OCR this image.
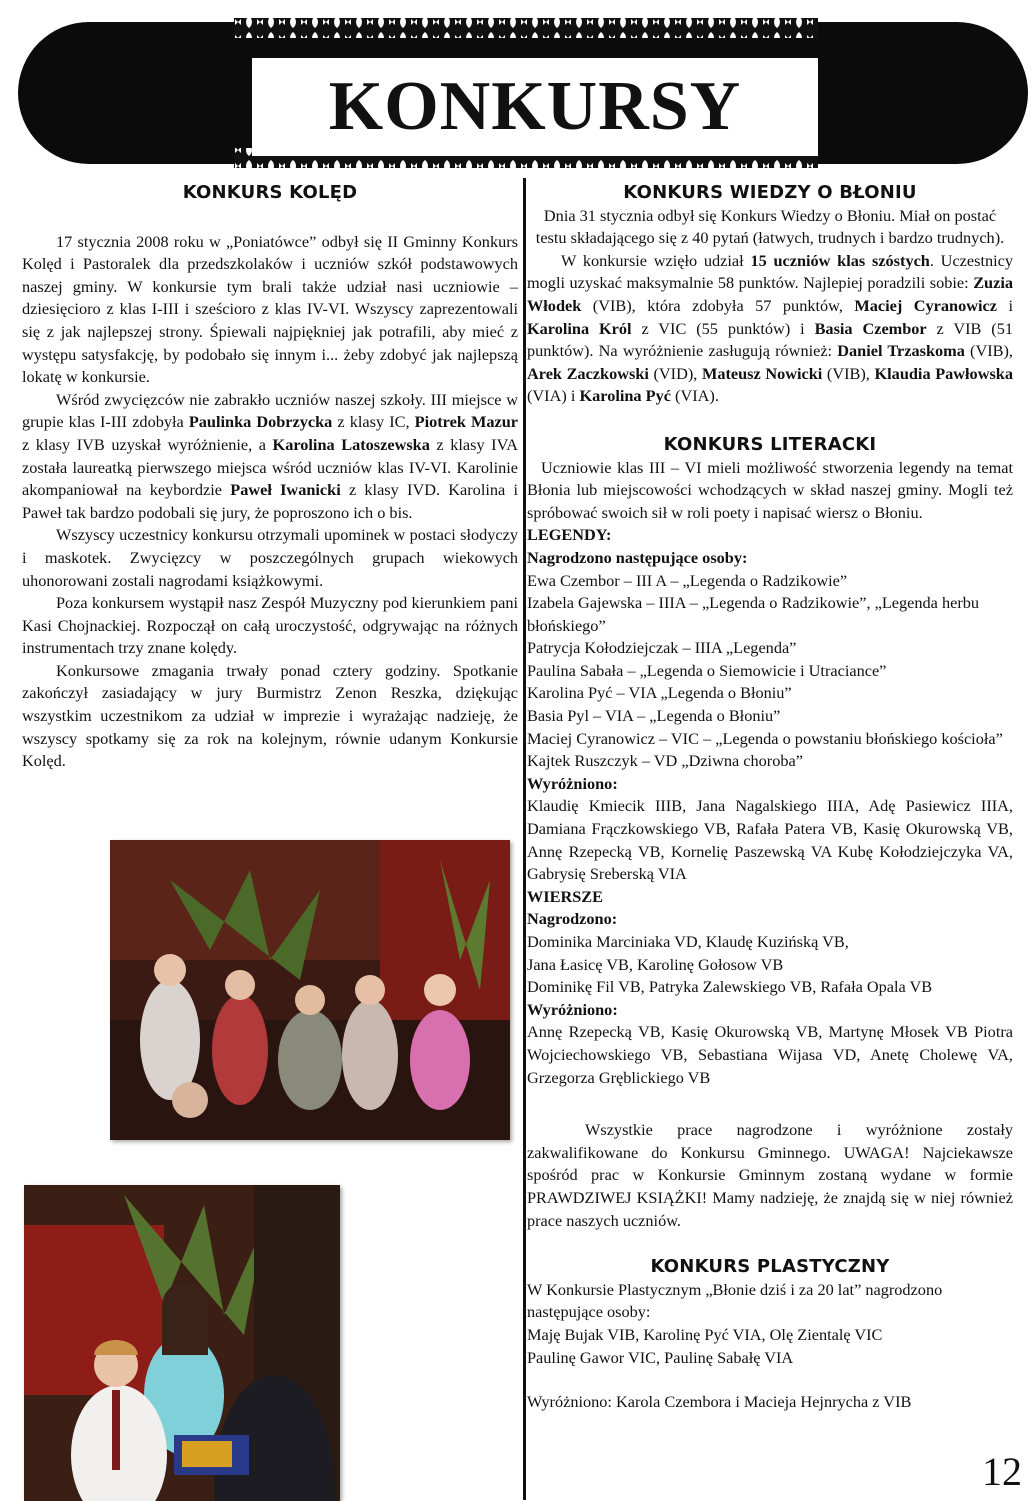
KONKURSY
KONKURS KOLĘD

17 stycznia 2008 roku w „Poniatówce” odbył się II Gminny Konkurs Kolęd i Pastoralek dla przedszkolaków i uczniów szkół podstawowych naszej gminy. W konkursie tym brali także udział nasi uczniowie – dziesięcioro z klas I-III i sześcioro z klas IV-VI. Wszyscy zaprezentowali się z jak najlepszej strony. Śpiewali najpiękniej jak potrafili, aby mieć z występu satysfakcję, by podobało się innym i... żeby zdobyć jak najlepszą lokatę w konkursie.

Wśród zwycięzców nie zabrakło uczniów naszej szkoły. III miejsce w grupie klas I-III zdobyła Paulinka Dobrzycka z klasy IC, Piotrek Mazur z klasy IVB uzyskał wyróżnienie, a Karolina Latoszewska z klasy IVA została laureatką pierwszego miejsca wśród uczniów klas IV-VI. Karolinie akompaniował na keybordzie Paweł Iwanicki z klasy IVD. Karolina i Paweł tak bardzo podobali się jury, że poproszono ich o bis.

Wszyscy uczestnicy konkursu otrzymali upominek w postaci słodyczy i maskotek. Zwycięzcy w poszczególnych grupach wiekowych uhonorowani zostali nagrodami książkowymi.

Poza konkursem wystąpił nasz Zespół Muzyczny pod kierunkiem pani Kasi Chojnackiej. Rozpoczął on całą uroczystość, odgrywając na różnych instrumentach trzy znane kolędy.

Konkursowe zmagania trwały ponad cztery godziny. Spotkanie zakończył zasiadający w jury Burmistrz Zenon Reszka, dziękując wszystkim uczestnikom za udział w imprezie i wyrażając nadzieję, że wszyscy spotkamy się za rok na kolejnym, równie udanym Konkursie Kolęd.

KONKURS WIEDZY O BŁONIU

Dnia 31 stycznia odbył się Konkurs Wiedzy o Błoniu. Miał on postać testu składającego się z 40 pytań (łatwych, trudnych i bardzo trudnych).

W konkursie wzięło udział 15 uczniów klas szóstych. Uczestnicy mogli uzyskać maksymalnie 58 punktów. Najlepiej poradzili sobie: Zuzia Włodek (VIB), która zdobyła 57 punktów, Maciej Cyranowicz i Karolina Król z VIC (55 punktów) i Basia Czembor z VIB (51 punktów). Na wyróżnienie zasługują również: Daniel Trzaskoma (VIB), Arek Zaczkowski (VID), Mateusz Nowicki (VIB), Klaudia Pawłowska (VIA) i Karolina Pyć (VIA).

KONKURS LITERACKI

Uczniowie klas III – VI mieli możliwość stworzenia legendy na temat Błonia lub miejscowości wchodzących w skład naszej gminy. Mogli też spróbować swoich sił w roli poety i napisać wiersz o Błoniu.

LEGENDY:

Nagrodzono następujące osoby:

Ewa Czembor – III A – „Legenda o Radzikowie”

Izabela Gajewska – IIIA – „Legenda o Radzikowie”, „Legenda herbu błońskiego”

Patrycja Kołodziejczak – IIIA „Legenda”

Paulina Sabała – „Legenda o Siemowicie i Utraciance”

Karolina Pyć – VIA „Legenda o Błoniu”

Basia Pyl – VIA – „Legenda o Błoniu”

Maciej Cyranowicz – VIC – „Legenda o powstaniu błońskiego kościoła”

Kajtek Ruszczyk – VD „Dziwna choroba”

Wyróżniono:

Klaudię Kmiecik IIIB, Jana Nagalskiego IIIA, Adę Pasiewicz IIIA, Damiana Frączkowskiego VB, Rafała Patera VB, Kasię Okurowską VB, Annę Rzepecką VB, Kornelię Paszewską VA Kubę Kołodziejczyka VA, Gabrysię Sreberską VIA

WIERSZE

Nagrodzono:

Dominika Marciniaka VD, Klaudę Kuzińską VB,

Jana Łasicę VB, Karolinę Gołosow VB

Dominikę Fil VB, Patryka Zalewskiego VB, Rafała Opala VB

Wyróżniono:

Annę Rzepecką VB, Kasię Okurowską VB, Martynę Młosek VB Piotra Wojciechowskiego VB, Sebastiana Wijasa VD, Anetę Cholewę VA, Grzegorza Gręblickiego VB

Wszystkie prace nagrodzone i wyróżnione zostały zakwalifikowane do Konkursu Gminnego. UWAGA! Najciekawsze spośród prac w Konkursie Gminnym zostaną wydane w formie PRAWDZIWEJ KSIĄŻKI! Mamy nadzieję, że znajdą się w niej również prace naszych uczniów.

KONKURS PLASTYCZNY

W Konkursie Plastycznym „Błonie dziś i za 20 lat” nagrodzono następujące osoby:

Maję Bujak VIB, Karolinę Pyć VIA, Olę Zientalę VIC

Paulinę Gawor VIC, Paulinę Sabałę VIA

Wyróżniono: Karola Czembora i Macieja Hejnrycha z VIB

12
